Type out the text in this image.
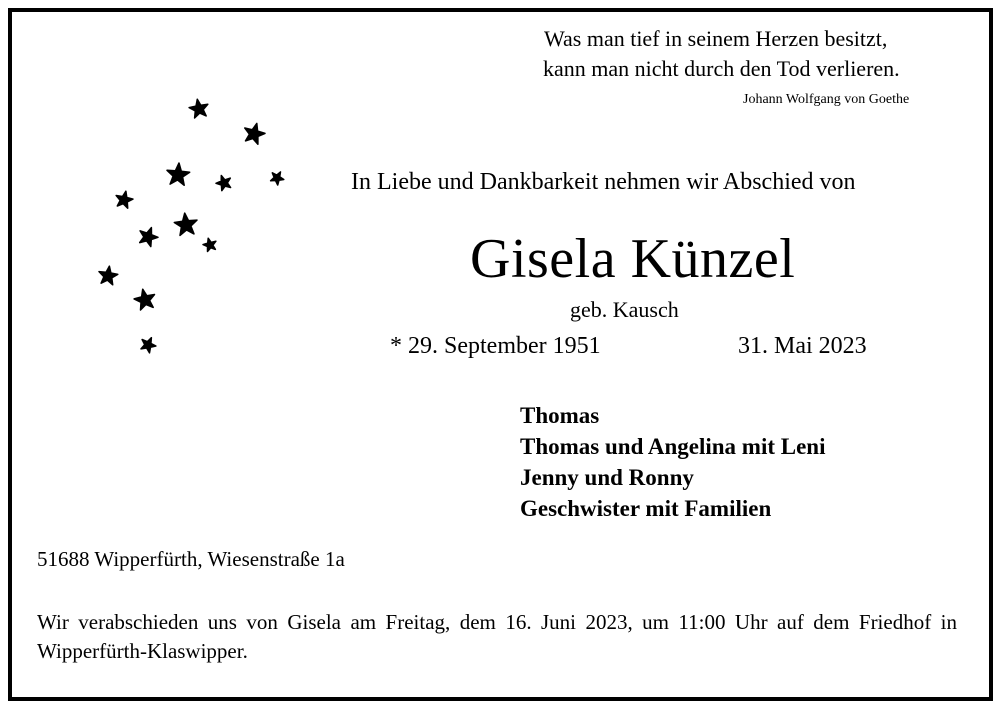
Was man tief in seinem Herzen besitzt,
kann man nicht durch den Tod verlieren.
Johann Wolfgang von Goethe
In Liebe und Dankbarkeit nehmen wir Abschied von
Gisela Künzel
geb. Kausch
* 29. September 1951	31. Mai 2023
Thomas
Thomas und Angelina mit Leni
Jenny und Ronny
Geschwister mit Familien
51688 Wipperfürth, Wiesenstraße 1a
Wir verabschieden uns von Gisela am Freitag, dem 16. Juni 2023, um 11:00 Uhr auf dem Friedhof in Wipperfürth-Klaswipper.
